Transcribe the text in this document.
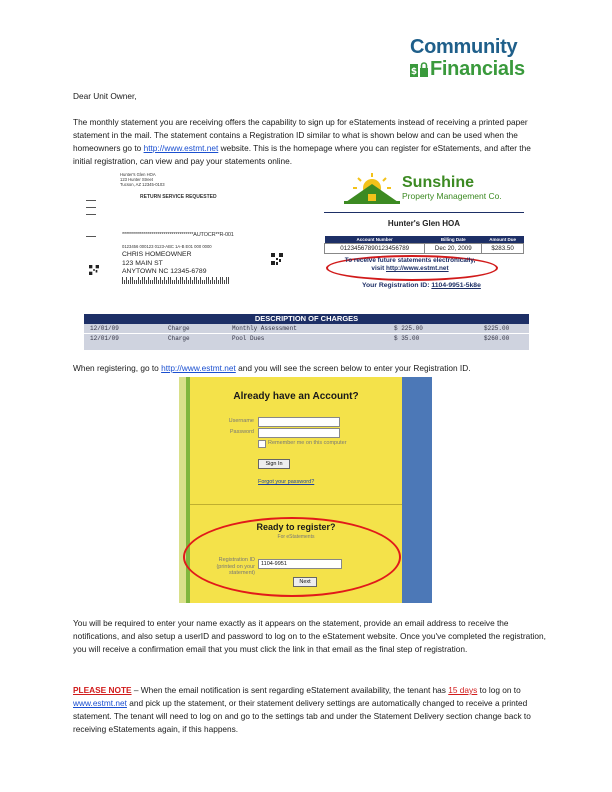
Community
$ Financials
Dear Unit Owner,
The monthly statement you are receiving offers the capability to sign up for eStatements instead of receiving a printed paper statement in the mail. The statement contains a Registration ID similar to what is shown below and can be used when the homeowners go to http://www.estmt.net website. This is the homepage where you can register for eStatements, and after the initial registration, can view and pay your statements online.
Hunter's Glen HOA
123 Hunter Street
Tucson, AZ 12345-0103
RETURN SERVICE REQUESTED
************************************AUTOCR**R-001
0123456 000123 0123-ABC 1A-B E01 000 0000
CHRIS HOMEOWNER
123 MAIN ST
ANYTOWN NC 12345-6789
Sunshine
Property Management Co.
Hunter's Glen HOA
Account Number	Billing Date	Amount Due
0123456789012345678​9	Dec 20, 2009	$283.50
To receive future statements electronically,
visit http://www.estmt.net
Your Registration ID: 1104-9951-5k8e
DESCRIPTION OF CHARGES
12/01/09	Charge	Monthly Assessment	$ 225.00	$225.00
12/01/09	Charge	Pool Dues	$ 35.00	$260.00
When registering, go to http://www.estmt.net and you will see the screen below to enter your Registration ID.
Already have an Account?
Username
Password
Remember me on this computer
Sign In
Forgot your password?
Ready to register?
For eStatements
Registration ID
(printed on your statement)
1104-9951
Next
You will be required to enter your name exactly as it appears on the statement, provide an email address to receive the notifications, and also setup a userID and password to log on to the eStatement website. Once you've completed the registration, you will receive a confirmation email that you must click the link in that email as the final step of registration.
PLEASE NOTE – When the email notification is sent regarding eStatement availability, the tenant has 15 days to log on to www.estmt.net and pick up the statement, or their statement delivery settings are automatically changed to receive a printed statement. The tenant will need to log on and go to the settings tab and under the Statement Delivery section change back to receiving eStatements again, if this happens.
